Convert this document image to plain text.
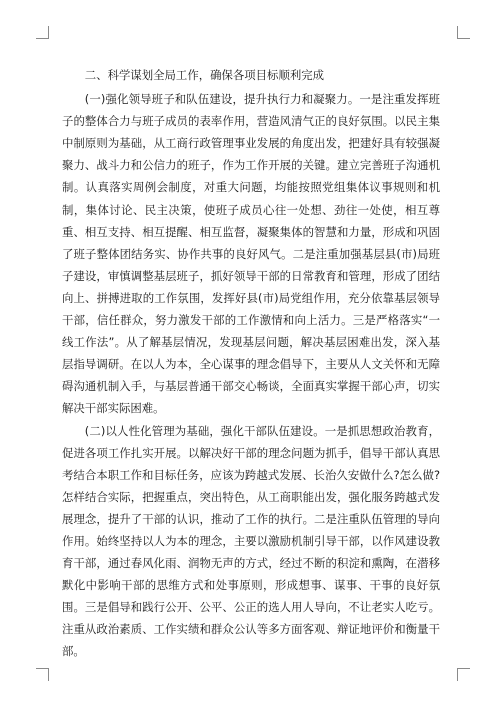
二、科学谋划全局工作，确保各项目标顺利完成

(一)强化领导班子和队伍建设，提升执行力和凝聚力。一是注重发挥班子的整体合力与班子成员的表率作用，营造风清气正的良好氛围。以民主集中制原则为基础，从工商行政管理事业发展的角度出发，把建好具有较强凝聚力、战斗力和公信力的班子，作为工作开展的关键。建立完善班子沟通机制。认真落实周例会制度，对重大问题，均能按照党组集体议事规则和机制，集体讨论、民主决策，使班子成员心往一处想、劲往一处使，相互尊重、相互支持、相互提醒、相互监督，凝聚集体的智慧和力量，形成和巩固了班子整体团结务实、协作共事的良好风气。二是注重加强基层县(市)局班子建设，审慎调整基层班子，抓好领导干部的日常教育和管理，形成了团结向上、拼搏进取的工作氛围，发挥好县(市)局党组作用，充分依靠基层领导干部，信任群众，努力激发干部的工作激情和向上活力。三是严格落实“一线工作法”。从了解基层情况，发现基层问题，解决基层困难出发，深入基层指导调研。在以人为本，全心谋事的理念倡导下，主要从人文关怀和无障碍沟通机制入手，与基层普通干部交心畅谈，全面真实掌握干部心声，切实解决干部实际困难。

(二)以人性化管理为基础，强化干部队伍建设。一是抓思想政治教育，促进各项工作扎实开展。以解决好干部的理念问题为抓手，倡导干部认真思考结合本职工作和目标任务，应该为跨越式发展、长治久安做什么?怎么做?怎样结合实际，把握重点，突出特色，从工商职能出发，强化服务跨越式发展理念，提升了干部的认识，推动了工作的执行。二是注重队伍管理的导向作用。始终坚持以人为本的理念，主要以激励机制引导干部，以作风建设教育干部，通过春风化雨、润物无声的方式，经过不断的积淀和熏陶，在潜移默化中影响干部的思维方式和处事原则，形成想事、谋事、干事的良好氛围。三是倡导和践行公开、公平、公正的选人用人导向，不让老实人吃亏。注重从政治素质、工作实绩和群众公认等多方面客观、辩证地评价和衡量干部。
